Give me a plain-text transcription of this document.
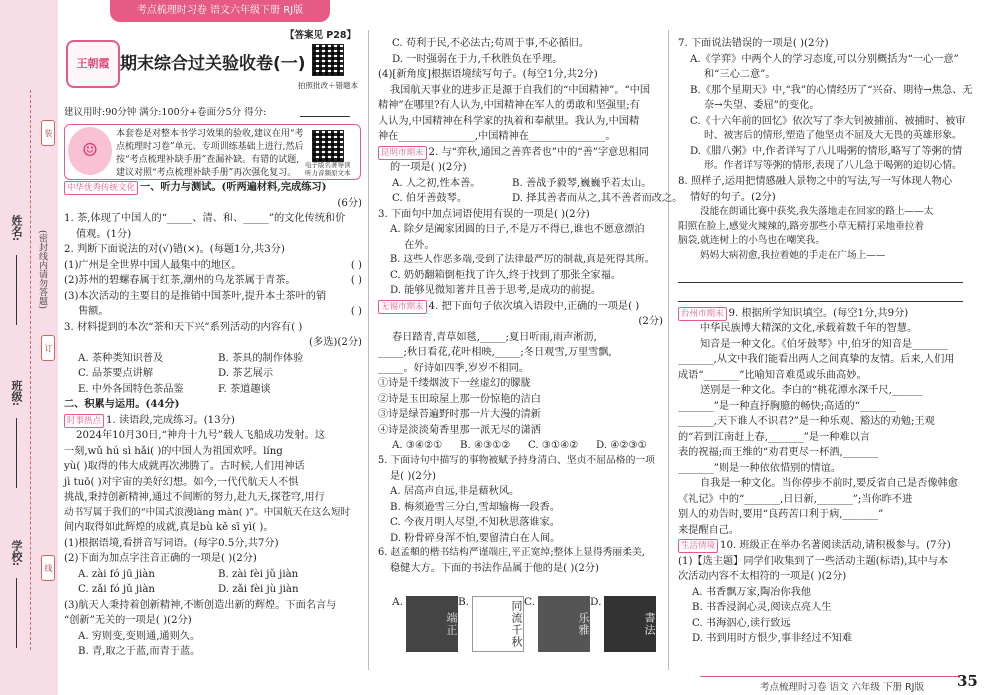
姓名:
班级:
学校:
(密封线内请勿答题)
装
订
线
考点梳理时习卷 语文六年级下册 RJ版
【答案见 P28】
王朝霞 期末综合过关验收卷(一)
拍照批改＋错题本
建议用时:90分钟 满分:100分+卷面分5分 得分:
☺
本套卷是对整本书学习效果的验收,建议在用“考点梳理时习卷”单元、专项训练基础上进行,然后按“考点梳理补缺手册”查漏补缺。有错的试题,建议对照“考点梳理补缺手册”再次强化复习。
电子版名著导读 听力音频原文本

中华优秀传统文化 一、听力与测试。(听两遍材料,完成练习)

(6分)

1. 茶,体现了中国人的“_____、清、和、_____”的文化传统和价

值观。(1分)

2. 判断下面说法的对(√)错(×)。(每题1分,共3分)

(1)广州是全世界中国人最集中的地区。	( )

(2)苏州的碧螺春属于红茶,潮州的乌龙茶属于青茶。	( )

(3)本次活动的主要目的是推销中国茶叶,提升本土茶叶的销

售额。	( )

3. 材料提到的本次“茶和天下兴”系列活动的内容有( )

(多选)(2分)

A. 茶种类知识普及	B. 茶具的制作体验

C. 品茶要点讲解	D. 茶艺展示

E. 中外各国特色茶品鉴	F. 茶道趣谈

二、积累与运用。(44分)

时事热点 1. 读语段,完成练习。(13分)

2024年10月30日,“神舟十九号”载人飞船成功发射。这

一刻,wǔ hú sì hǎi( )的中国人为祖国欢呼。líng

yù( )取得的伟大成就再次沸腾了。古时候,人们用神话

jì tuō( )对宇宙的美好幻想。如今,一代代航天人不惧

挑战,秉持创新精神,通过不间断的努力,赴九天,探苍穹,用行

动书写属于我们的“中国式浪漫làng màn( )”。中国航天在这么短时

间内取得如此辉煌的成就,真是bù kě sī yì( )。

(1)根据语境,看拼音写词语。(每字0.5分,共7分)

(2)下面为加点字注音正确的一项是( )(2分)

A. zài fó jū jiàn	B. zài fèi jǔ jiàn

C. zǎi fó jǔ jiàn	D. zǎi fèi jù jiàn

(3)航天人秉持着创新精神,不断创造出新的辉煌。下面名言与

“创新”无关的一项是( )(2分)

A. 穷则变,变则通,通则久。

B. 青,取之于蓝,而青于蓝。

C. 苟利于民,不必法古;苟周于事,不必循旧。

D. 一时强弱在于力,千秋胜负在乎理。

(4)[新角度]根据语境续写句子。(每空1分,共2分)

我国航天事业的进步正是源于自我们的“中国精神”。“中国

精神”在哪里?有人认为,中国精神在军人的勇敢和坚强里;有

人认为,中国精神在科学家的执着和奉献里。我认为,中国精

神在_______________,中国精神在_______________。

昆明市期末 2. 与“弈秋,通国之善弈者也”中的“善”字意思相同

的一项是( )(2分)

A. 人之初,性本善。	B. 善战予毅琴,巍巍乎若太山。

C. 伯牙善鼓琴。	D. 择其善者而从之,其不善者而改之。

3. 下面句中加点词语使用有误的一项是( )(2分)

A. 除夕是阖家团圆的日子,不是万不得已,谁也不愿意漂泊

在外。

B. 这些人作恶多端,受到了法律最严厉的制裁,真是死得其所。

C. 奶奶翻箱倒柜找了许久,终于找到了那张全家福。

D. 能够见微知著并且善于思考,是成功的前提。

无锡市期末 4. 把下面句子依次填入语段中,正确的一项是( )

(2分)

春日踏青,青草如毯,_____;夏日听雨,雨声淅沥,

_____;秋日看花,花叶相映,_____;冬日观雪,万里雪飘,

_____。好诗如四季,岁岁不相同。

①诗是千缕烟波下一丝虚幻的朦胧

②诗是玉田琼屋上那一份惊艳的洁白

③诗是绿苔遍野时那一片大漫的清新

④诗是淡淡菊香里那一派无尽的潇洒

A. ③④②① B. ④③①② C. ③①④② D. ④②③①

5. 下面诗句中描写的事物被赋予持身清白、坚贞不屈品格的一项

是( )(2分)

A. 居高声自远,非是藉秋风。

B. 梅须逊雪三分白,雪却输梅一段香。

C. 今夜月明人尽望,不知秋思落谁家。

D. 粉骨碎身浑不怕,要留清白在人间。

6. 赵孟頫的楷书结构严谨端庄,平正宽绰;整体上显得秀丽柔美,

稳健大方。下面的书法作品属于他的是( )(2分)

A.
端正
B.	同流千秋 C.
乐雅
D.
書法

7. 下面说法错误的一项是( )(2分)

A.《学弈》中两个人的学习态度,可以分别概括为“一心一意”

和“三心二意”。

B.《那个星期天》中,“我”的心情经历了“兴奋、期待→焦急、无

奈→失望、委屈”的变化。

C.《十六年前的回忆》依次写了李大钊被捕前、被捕时、被审

时、被害后的情形,塑造了他坚贞不屈及大无畏的英雄形象。

D.《腊八粥》中,作者详写了八儿喝粥的情形,略写了等粥的情

形。作者详写等粥的情形,表现了八儿急于喝粥的迫切心情。

8. 照样子,运用把情感融人景物之中的写法,写一写体现人物心

情好的句子。(2分)

没能在朗诵比赛中获奖,我失落地走在回家的路上——太

阳照在脸上,感觉火辣辣的,路旁那些小草无精打采地垂拉着

脑袋,就连树上的小鸟也在嘲笑我。

妈妈大病初愈,我拉着她的手走在广场上——

台州市期末 9. 根据所学知识填空。(每空1分,共9分)

中华民族博大精深的文化,承载着数千年的智慧。

知音是一种文化。《伯牙鼓琴》中,伯牙的知音是_______

_______,从文中我们能看出两人之间真挚的友情。后来,人们用

成语“_______”比喻知音难觅或乐曲高妙。

送别是一种文化。李白的“桃花潭水深千尺,______

_______”是一种直抒胸臆的畅快;高适的“_______

_______,天下谁人不识君?”是一种乐观、豁达的劝勉;王观

的“若到江南赶上春,_______”是一种难以言

表的祝福;而王维的“劝君更尽一杯酒,_______

_______”则是一种依依惜别的情谊。

自我是一种文化。当你停步不前时,要反省自己是否像韩愈

《礼记》中的“_______,日日新,_______”;当你昨不进

别人的劝告时,要用“良药苦口利于病,_______”

来提醒自己。

生活情境 10. 班级正在举办名著阅读活动,请积极参与。(7分)

(1)【选主题】同学们收集到了一些活动主题(标语),其中与本

次活动内容不太相符的一项是( )(2分)

A. 书香飘万家,陶冶你我他

B. 书香浸润心灵,阅读点亮人生

C. 书海泅心,读行致远

D. 书到用时方恨少,事非经过不知难

考点梳理时习卷 语文 六年级 下册 RJ版 35
